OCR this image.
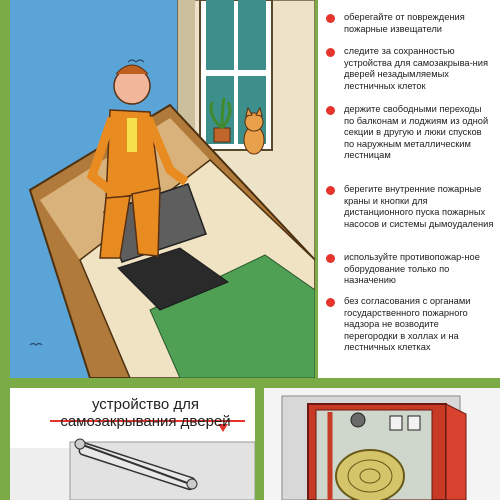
оберегайте от повреждения пожарные извещатели
следите за сохранностью устройства для самозакрыва-ния дверей незадымляемых лестничных клеток
держите свободными переходы по балконам и лоджиям из одной секции в другую и люки спусков по наружным металлическим лестницам
берегите внутренние пожарные краны и кнопки для дистанционного пуска пожарных насосов и системы дымоудаления
используйте противопожар-ное оборудование только по назначению
без согласования с органами государственного пожарного надзора не возводите перегородки в холлах и на лестничных клетках
устройство для
самозакрывания дверей
